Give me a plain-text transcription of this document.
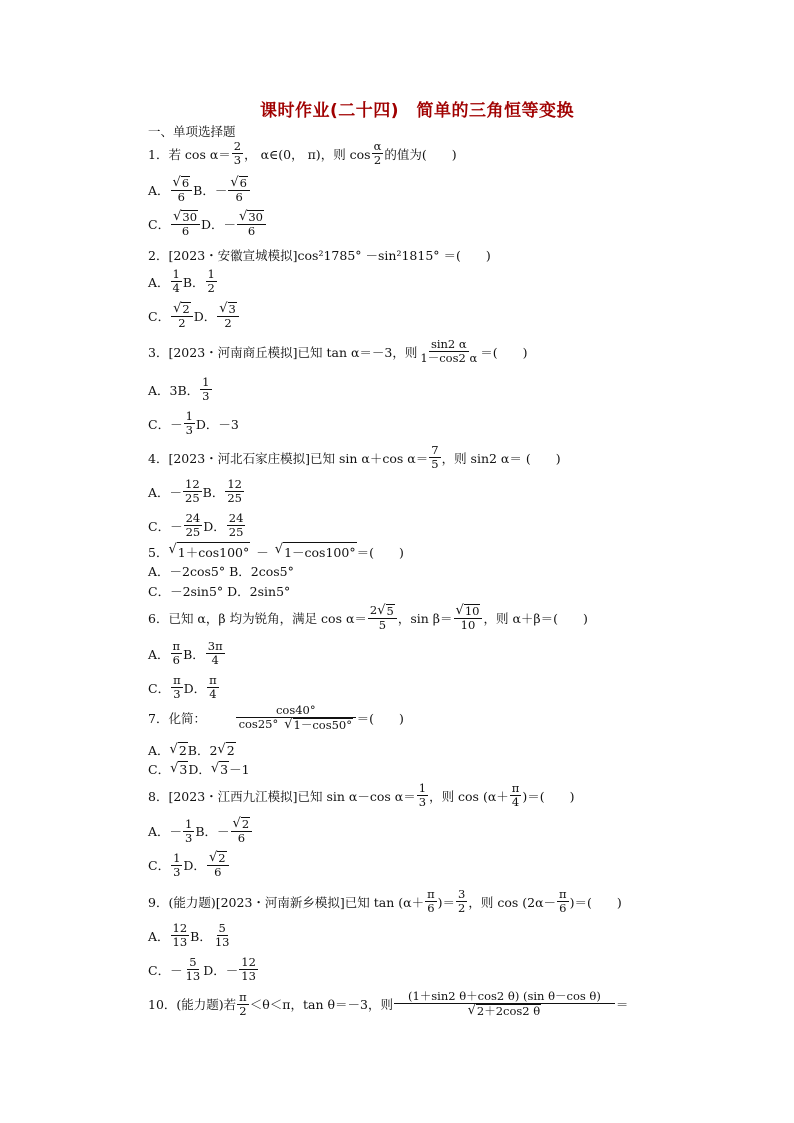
课时作业(二十四)　简单的三角恒等变换
一、单项选择题
1．若 $\cos \alpha= \frac{2}{3}$ ， α∈(0， π)，则 $\cos \frac{\alpha}{2}$ 的值为(　　)
A． $\frac{√ 6}{6}$ B．－ $\frac{√ 6}{6}$
C． $\frac{√ 30}{6}$ D．－ $\frac{√ 30}{6}$
2．[2023・安徽宣城模拟]cos²1785° －sin²1815° ＝(　　)
A． $\frac{1}{4}$ B． $\frac{1}{2}$
C． $\frac{√ 2}{2}$ D． $\frac{√ 3}{2}$
3．[2023・河南商丘模拟]已知 tan α＝－3，则 $\frac{\sin 2 \alpha}{1-\cos 2 \alpha}$ ＝(　　)
A．3 B． $\frac{1}{3}$
C．－ $\frac{1}{3}$ D．－3
4．[2023・河北石家庄模拟]已知 sin α＋cos $\alpha= \frac{7}{5}$ ，则 sin2 α＝ (　　)
A．－ $\frac{12}{25}$ B． $\frac{12}{25}$
C．－ $\frac{24}{25}$ D． $\frac{24}{25}$
5． √ 1＋cos100° － √ 1－cos100° ＝(　　)
A．－2cos5° B．2cos5°
C．－2sin5° D．2sin5°
6．已知 α，β 均为锐角，满足 $\cos \alpha= \frac{2 √ 5}{5}$ ，$\sin \beta= \frac{√ 10}{10}$ ，则 α＋β＝(　　)
A． $\frac{\pi}{6}$ B． $\frac{3\pi}{4}$
C． $\frac{\pi}{3}$ D． $\frac{\pi}{4}$
7．化简：	$\frac{\cos 40^\circ}{\cos 25^\circ √ 1-\cos 50^\circ}$ ＝(　　)
A． √ 2 B．2 √ 2
C． √ 3 D． √ 3 －1
8．[2023・江西九江模拟]已知 sin α－cos $\alpha= \frac{1}{3}$ ，则 $\cos (\alpha+ \frac{\pi}{4}$ )＝(　　)
A．－ $\frac{1}{3}$ B．－ $\frac{√ 2}{6}$
C． $\frac{1}{3}$ D． $\frac{√ 2}{6}$
9．(能力题)[2023・河南新乡模拟]已知 $\tan (\alpha+ \frac{\pi}{6}$ )＝ $\frac{3}{2}$ ，则 $\cos (2\alpha- \frac{\pi}{6}$ )＝(　　)
A． $\frac{12}{13}$ B． $\frac{5}{13}$
C．－ $\frac{5}{13}$ D．－ $\frac{12}{13}$
10．(能力题)若 $\frac{\pi}{2} <\theta<\pi$，tan θ＝－3，则 $\frac{\text{(1＋sin2 θ＋cos2 θ) (sin θ－cos θ)}}{√ 2+2\cos 2 \theta}$ ＝
